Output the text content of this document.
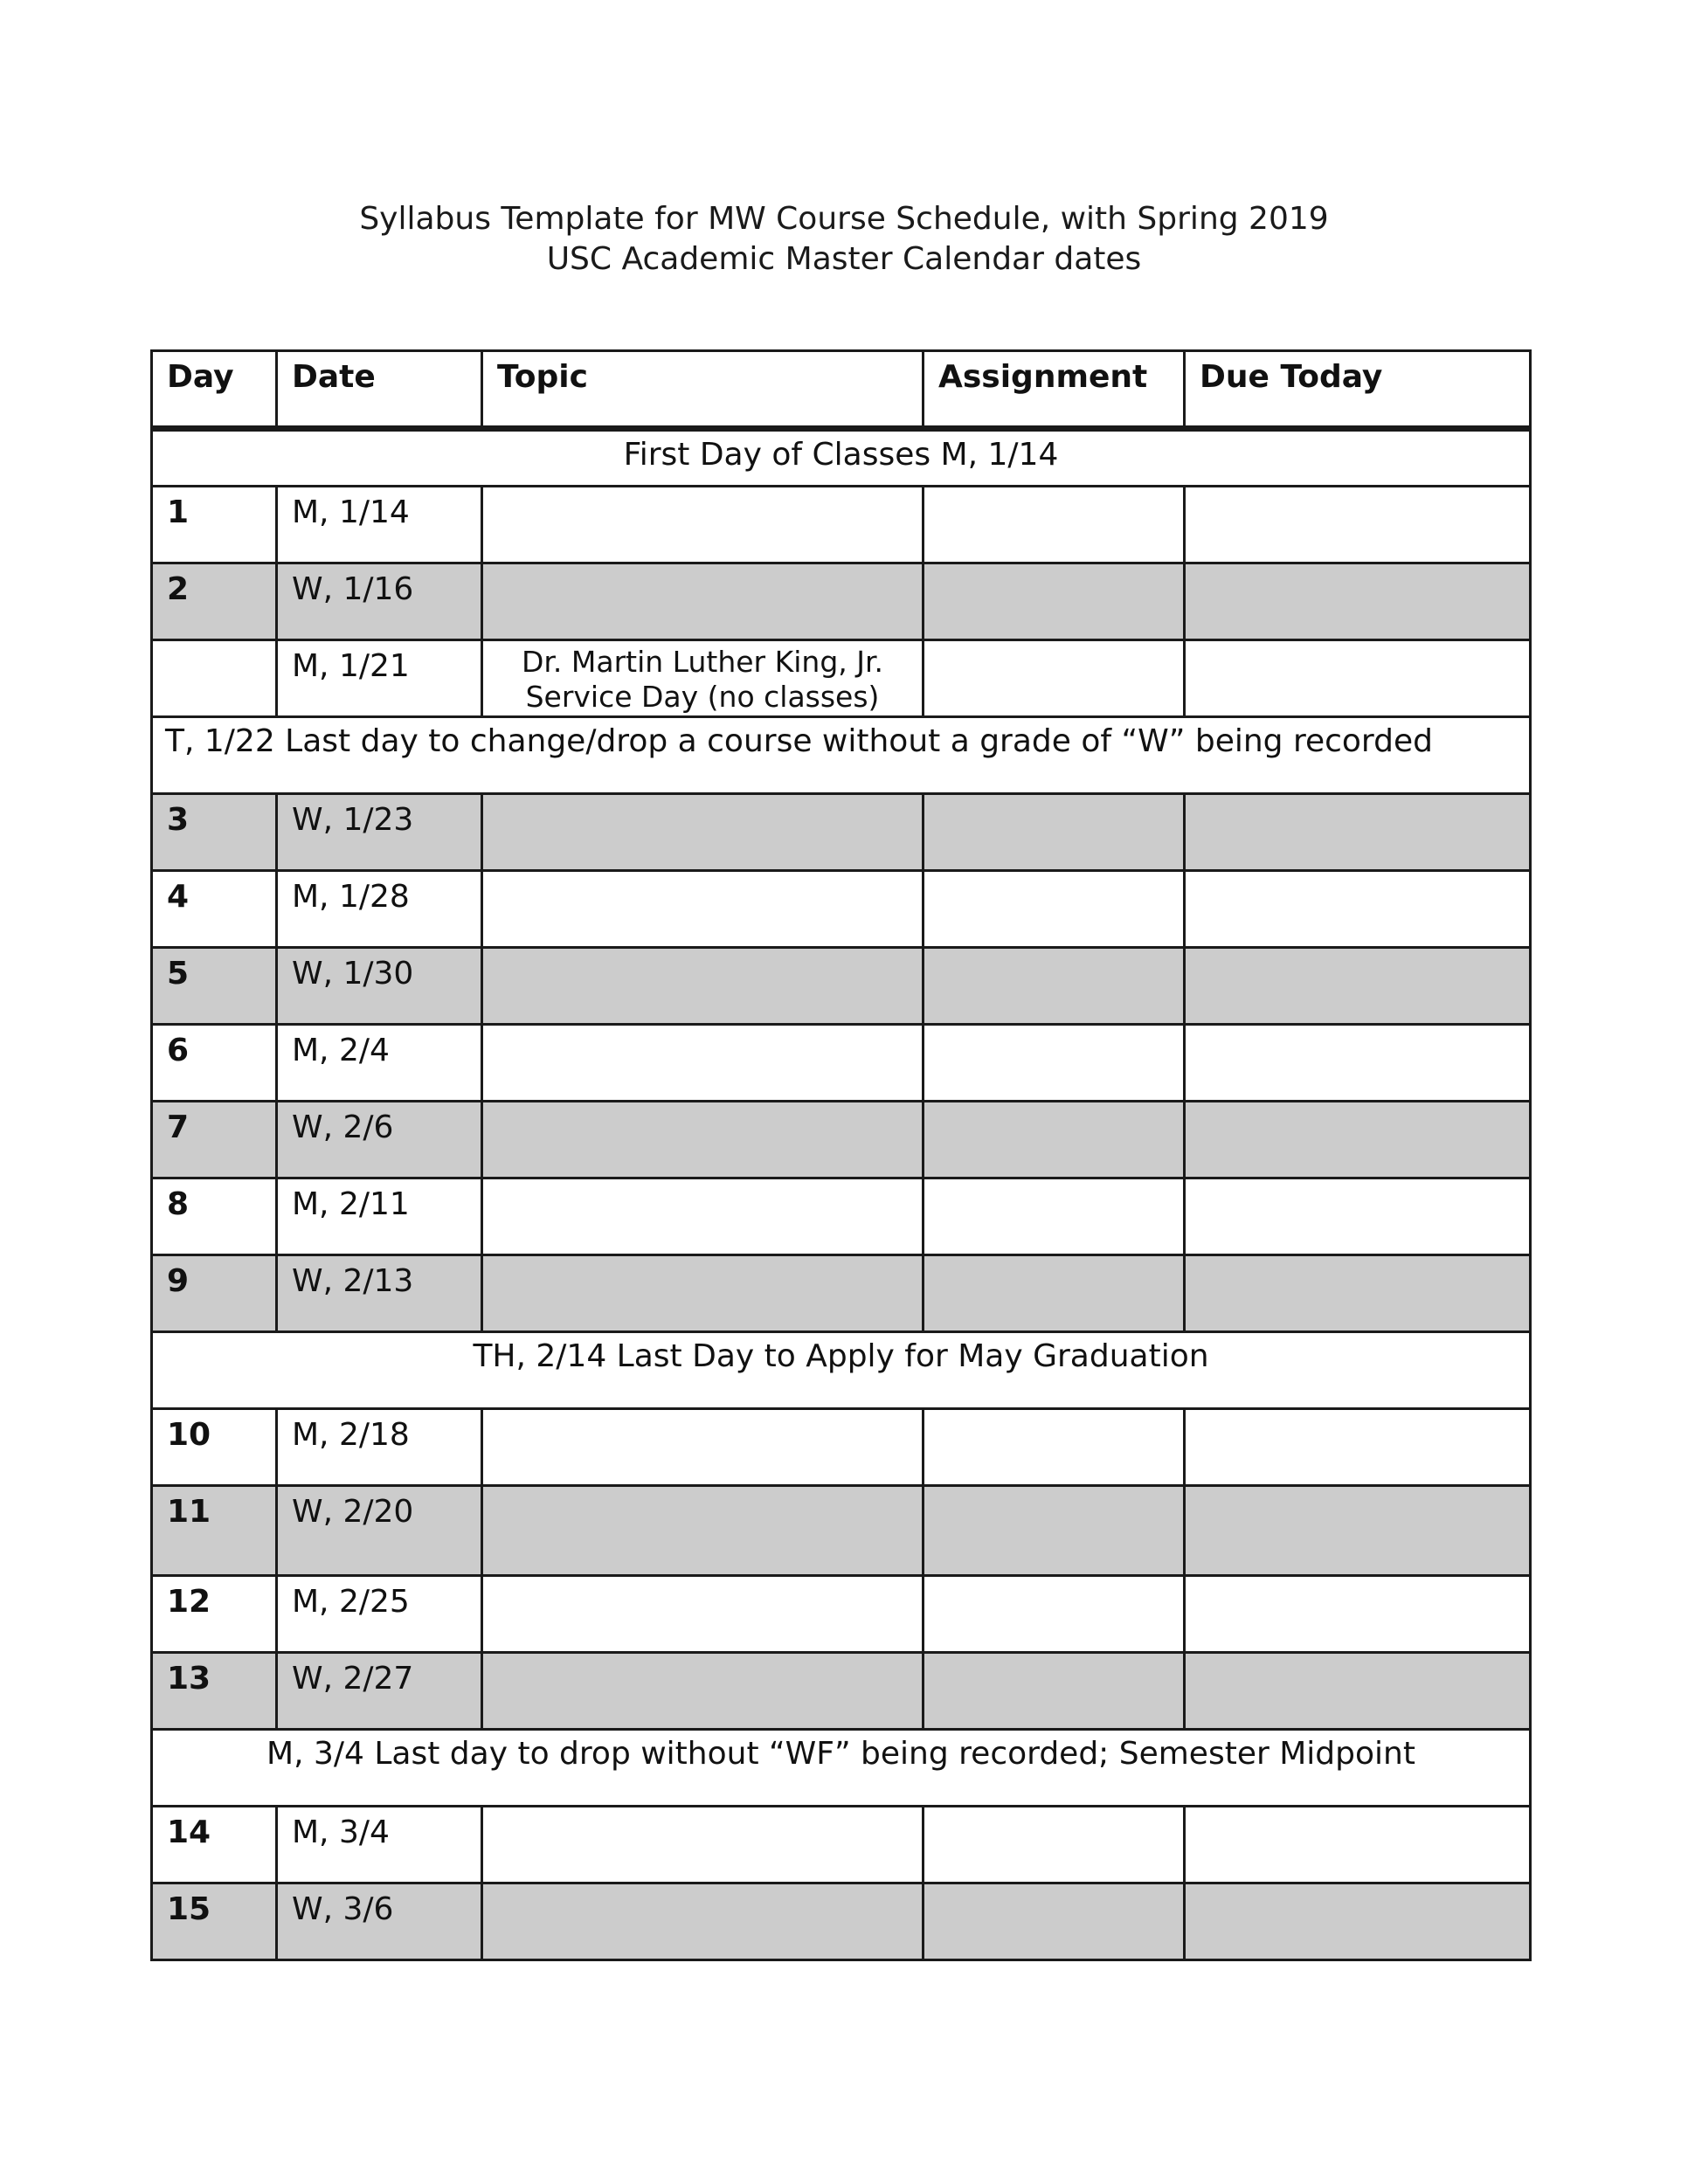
Syllabus Template for MW Course Schedule, with Spring 2019
USC Academic Master Calendar dates
Day	Date	Topic	Assignment	Due Today
First Day of Classes M, 1/14				
1	M, 1/14			
2	W, 1/16			
	M, 1/21	Dr. Martin Luther King, Jr.
Service Day (no classes)		

T, 1/22 Last day to change/drop a course without a grade of “W” being recorded				
3	W, 1/23			
4	M, 1/28			
5	W, 1/30			
6	M, 2/4			
7	W, 2/6			
8	M, 2/11			
9	W, 2/13			
TH, 2/14 Last Day to Apply for May Graduation				
10	M, 2/18			
11	W, 2/20			
12	M, 2/25			
13	W, 2/27			
M, 3/4 Last day to drop without “WF” being recorded; Semester Midpoint				
14	M, 3/4			
15	W, 3/6			
